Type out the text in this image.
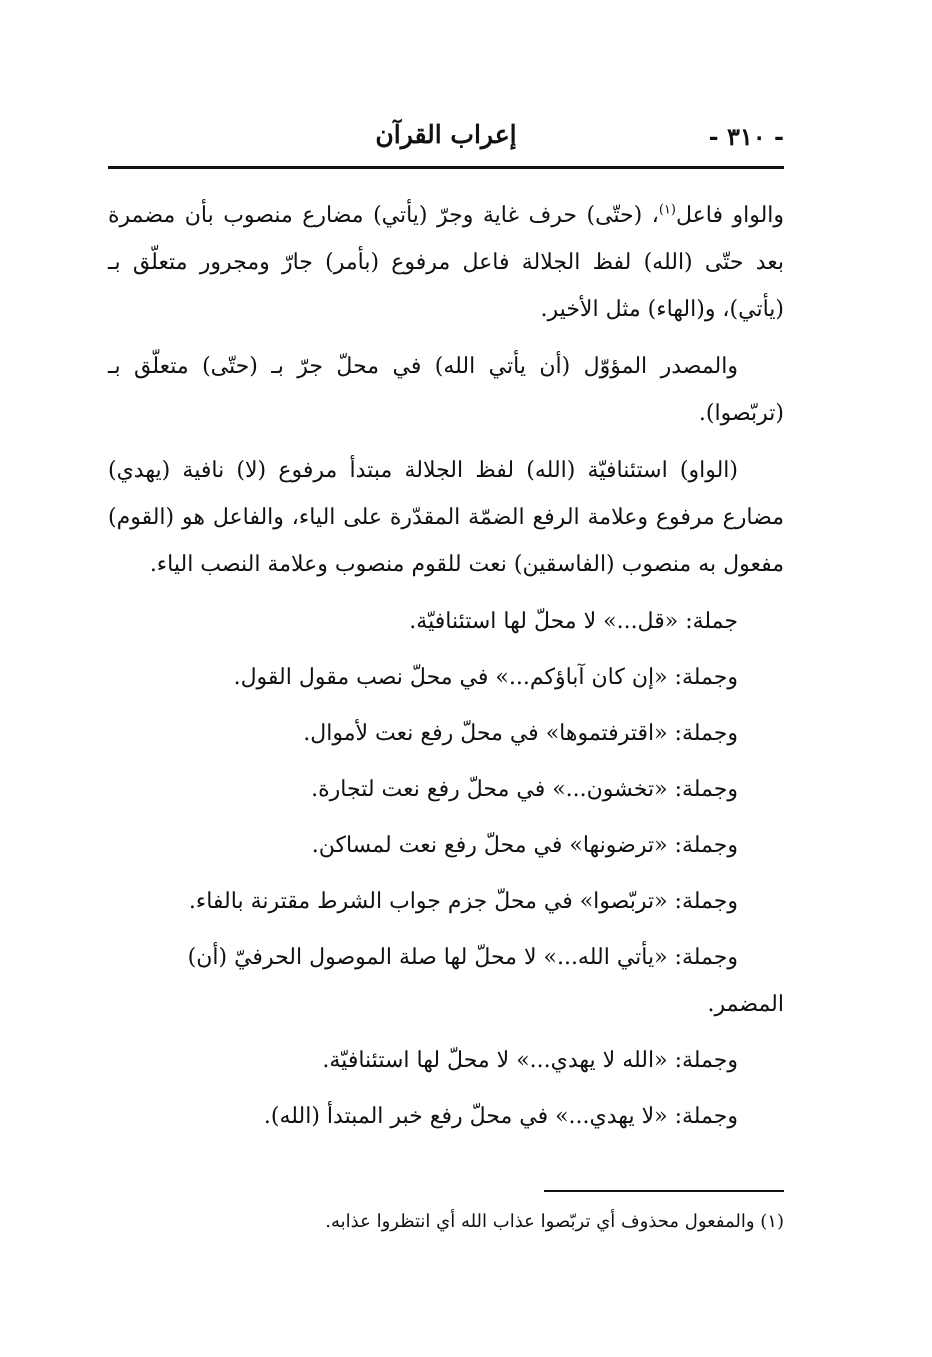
- ٣١٠ -
إعراب القرآن

والواو فاعل$^{(١)}$، (حتّى) حرف غاية وجرّ (يأتي) مضارع منصوب بأن مضمرة بعد حتّى (الله) لفظ الجلالة فاعل مرفوع (بأمر) جارّ ومجرور متعلّق بـ (يأتي)، و(الهاء) مثل الأخير.

والمصدر المؤوّل (أن يأتي الله) في محلّ جرّ بـ (حتّى) متعلّق بـ (تربّصوا).

(الواو) استئنافيّة (الله) لفظ الجلالة مبتدأ مرفوع (لا) نافية (يهدي) مضارع مرفوع وعلامة الرفع الضمّة المقدّرة على الياء، والفاعل هو (القوم) مفعول به منصوب (الفاسقين) نعت للقوم منصوب وعلامة النصب الياء.

جملة: «قل...» لا محلّ لها استئنافيّة.
وجملة: «إن كان آباؤكم...» في محلّ نصب مقول القول.
وجملة: «اقترفتموها» في محلّ رفع نعت لأموال.
وجملة: «تخشون...» في محلّ رفع نعت لتجارة.
وجملة: «ترضونها» في محلّ رفع نعت لمساكن.
وجملة: «تربّصوا» في محلّ جزم جواب الشرط مقترنة بالفاء.
وجملة: «يأتي الله...» لا محلّ لها صلة الموصول الحرفيّ (أن) المضمر.
وجملة: «الله لا يهدي...» لا محلّ لها استئنافيّة.
وجملة: «لا يهدي...» في محلّ رفع خبر المبتدأ (الله).
(١) والمفعول محذوف أي تربّصوا عذاب الله أي انتظروا عذابه.
